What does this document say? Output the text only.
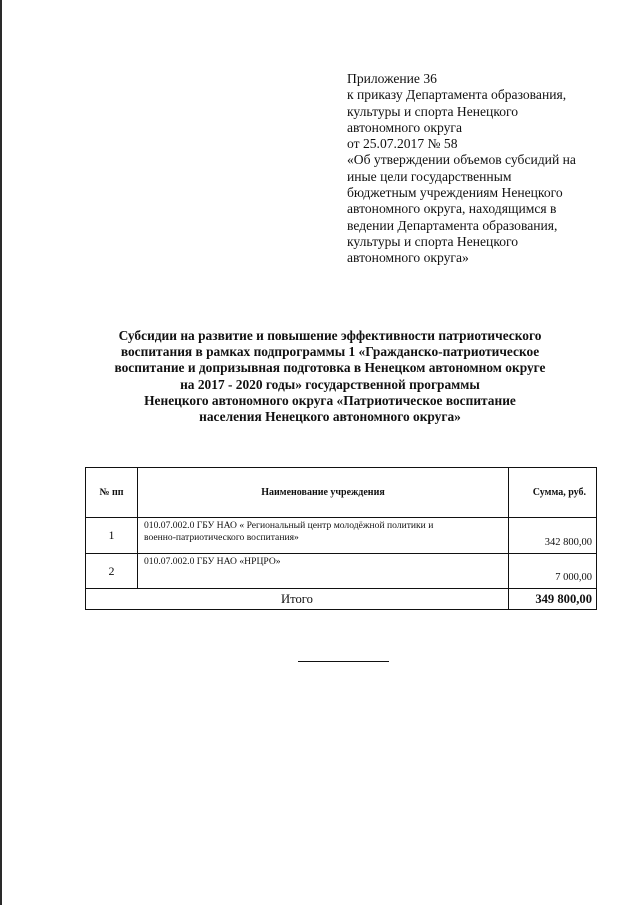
Приложение 36
к приказу Департамента образования,
культуры и спорта Ненецкого
автономного округа
от 25.07.2017 № 58
«Об утверждении объемов субсидий на
иные цели государственным
бюджетным учреждениям Ненецкого
автономного округа, находящимся в
ведении Департамента образования,
культуры и спорта Ненецкого
автономного округа»
Субсидии на развитие и повышение эффективности патриотического
воспитания в рамках подпрограммы 1 «Гражданско-патриотическое
воспитание и допризывная подготовка в Ненецком автономном округе
на 2017 - 2020 годы» государственной программы
Ненецкого автономного округа «Патриотическое воспитание
населения Ненецкого автономного округа»
№ пп	Наименование учреждения	Сумма, руб.
1	010.07.002.0 ГБУ НАО « Региональный центр молодёжной политики и
военно-патриотического воспитания»	342 800,00
2	010.07.002.0 ГБУ НАО «НРЦРО»	7 000,00
Итого		349 800,00
